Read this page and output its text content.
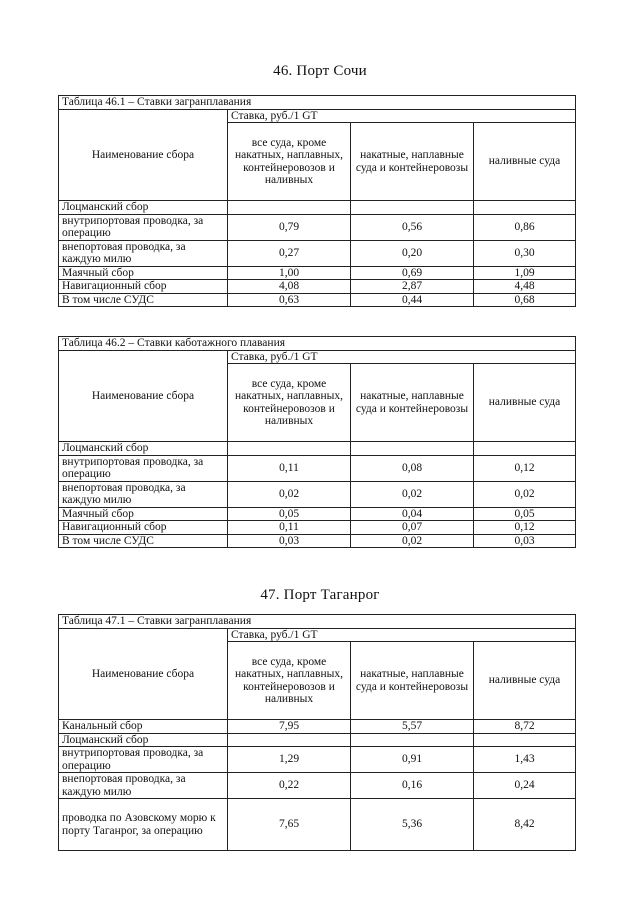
46. Порт Сочи
Таблица 46.1 – Ставки загранплавания			
Наименование сбора	Ставка, руб./1 GT		
	все суда, кроме накатных, наплавных, контейнеровозов и наливных	накатные, наплавные суда и контейнеровозы	наливные суда
Лоцманский сбор			
внутрипортовая проводка, за операцию	0,79	0,56	0,86
внепортовая проводка, за каждую милю	0,27	0,20	0,30
Маячный сбор	1,00	0,69	1,09
Навигационный сбор	4,08	2,87	4,48
В том числе СУДС	0,63	0,44	0,68
Таблица 46.2 – Ставки каботажного плавания			
Наименование сбора	Ставка, руб./1 GT		
	все суда, кроме накатных, наплавных, контейнеровозов и наливных	накатные, наплавные суда и контейнеровозы	наливные суда
Лоцманский сбор			
внутрипортовая проводка, за операцию	0,11	0,08	0,12
внепортовая проводка, за каждую милю	0,02	0,02	0,02
Маячный сбор	0,05	0,04	0,05
Навигационный сбор	0,11	0,07	0,12
В том числе СУДС	0,03	0,02	0,03
47. Порт Таганрог
Таблица 47.1 – Ставки загранплавания			
Наименование сбора	Ставка, руб./1 GT		
	все суда, кроме накатных, наплавных, контейнеровозов и наливных	накатные, наплавные суда и контейнеровозы	наливные суда
Канальный сбор	7,95	5,57	8,72
Лоцманский сбор			
внутрипортовая проводка, за операцию	1,29	0,91	1,43
внепортовая проводка, за каждую милю	0,22	0,16	0,24
проводка по Азовскому морю к порту Таганрог, за операцию	7,65	5,36	8,42
